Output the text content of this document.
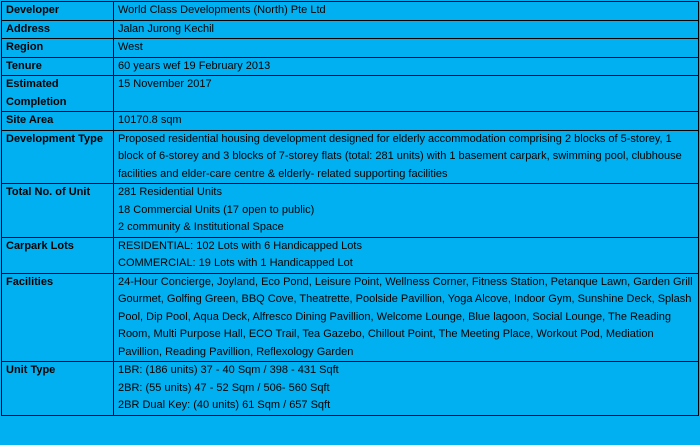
Developer	World Class Developments (North) Pte Ltd

Address	Jalan Jurong Kechil

Region	West

Tenure	60 years wef 19 February 2013

Estimated Completion	15 November 2017

Site Area	10170.8 sqm

Development Type	Proposed residential housing development designed for elderly accommodation comprising 2 blocks of 5-storey, 1 block of 6-storey and 3 blocks of 7-storey flats (total: 281 units) with 1 basement carpark, swimming pool, clubhouse facilities and elder-care centre & elderly- related supporting facilities

Total No. of Unit	281 Residential Units
18 Commercial Units (17 open to public)
2 community & Institutional Space

Carpark Lots	RESIDENTIAL: 102 Lots with 6 Handicapped Lots
COMMERCIAL: 19 Lots with 1 Handicapped Lot

Facilities	24-Hour Concierge, Joyland, Eco Pond, Leisure Point, Wellness Corner, Fitness Station, Petanque Lawn, Garden Grill Gourmet, Golfing Green, BBQ Cove, Theatrette, Poolside Pavillion, Yoga Alcove, Indoor Gym, Sunshine Deck, Splash Pool, Dip Pool, Aqua Deck, Alfresco Dining Pavillion, Welcome Lounge, Blue lagoon, Social Lounge, The Reading Room, Multi Purpose Hall, ECO Trail, Tea Gazebo, Chillout Point, The Meeting Place, Workout Pod, Mediation Pavillion, Reading Pavillion, Reflexology Garden

Unit Type	1BR: (186 units) 37 - 40 Sqm / 398 - 431 Sqft
2BR: (55 units) 47 - 52 Sqm / 506- 560 Sqft
2BR Dual Key: (40 units) 61 Sqm / 657 Sqft
